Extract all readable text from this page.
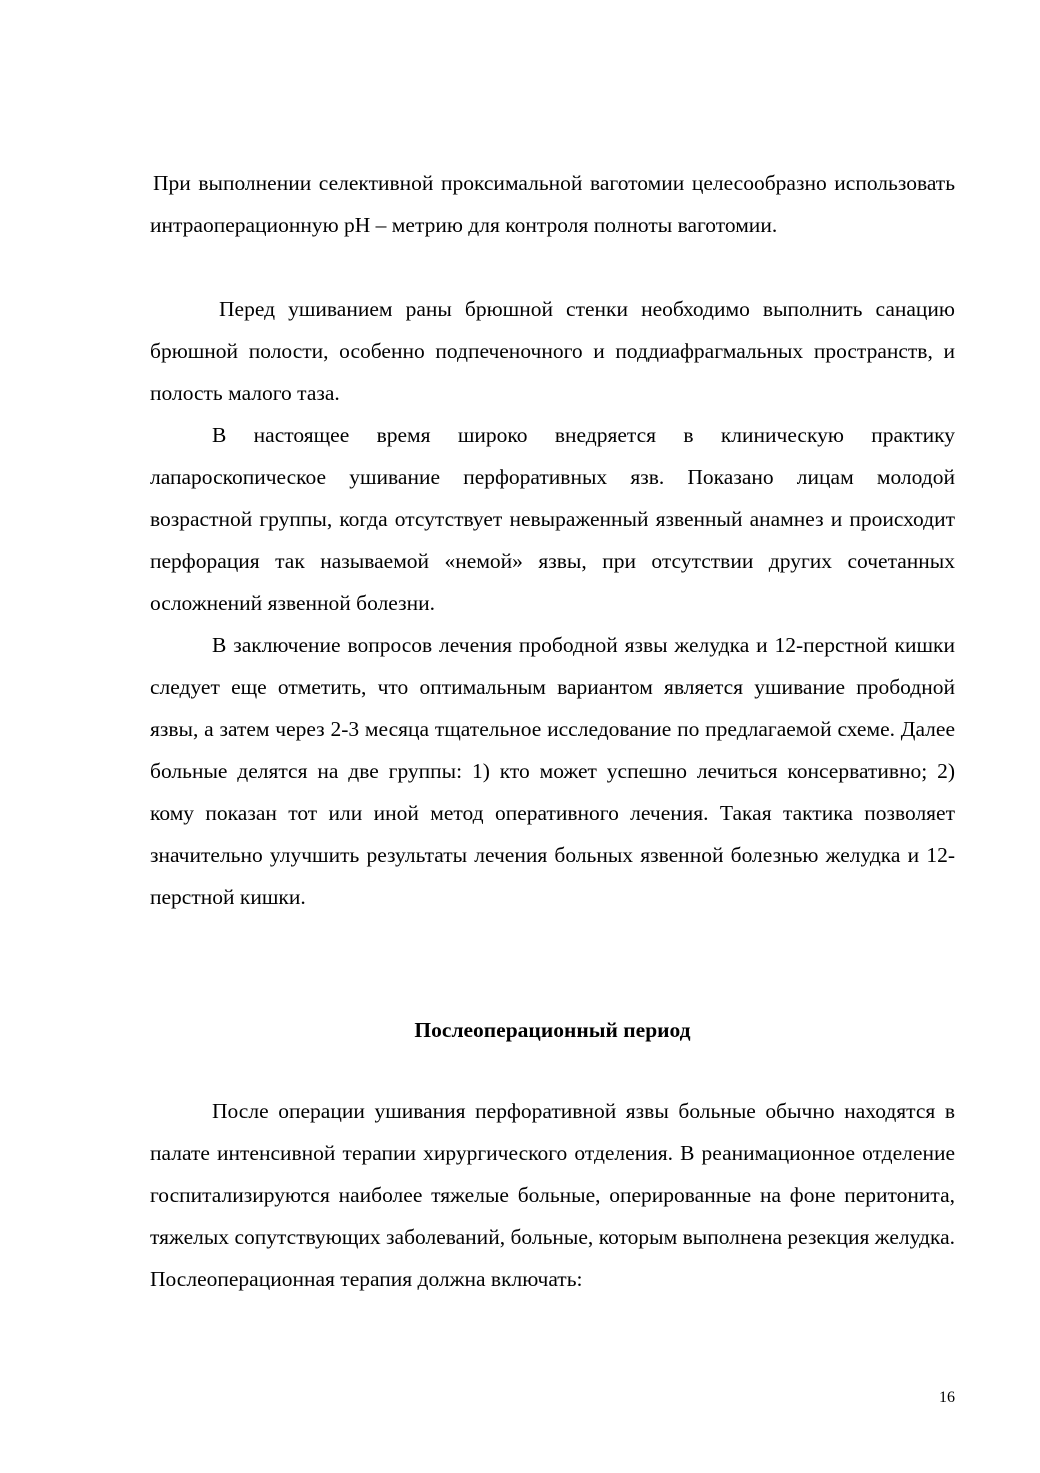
При выполнении селективной проксимальной ваготомии целесообразно использовать интраоперационную pH – метрию для контроля полноты ваготомии.

Перед ушиванием раны брюшной стенки необходимо выполнить санацию брюшной полости, особенно подпеченочного и поддиафрагмальных пространств, и полость малого таза.

В настоящее время широко внедряется в клиническую практику лапароскопическое ушивание перфоративных язв. Показано лицам молодой возрастной группы, когда отсутствует невыраженный язвенный анамнез и происходит перфорация так называемой «немой» язвы, при отсутствии других сочетанных осложнений язвенной болезни.

В заключение вопросов лечения прободной язвы желудка и 12-перстной кишки следует еще отметить, что оптимальным вариантом является ушивание прободной язвы, а затем через 2-3 месяца тщательное исследование по предлагаемой схеме. Далее больные делятся на две группы: 1) кто может успешно лечиться консервативно; 2) кому показан тот или иной метод оперативного лечения. Такая тактика позволяет значительно улучшить результаты лечения больных язвенной болезнью желудка и 12-перстной кишки.

Послеоперационный период

После операции ушивания перфоративной язвы больные обычно находятся в палате интенсивной терапии хирургического отделения. В реанимационное отделение госпитализируются наиболее тяжелые больные, оперированные на фоне перитонита, тяжелых сопутствующих заболеваний, больные, которым выполнена резекция желудка. Послеоперационная терапия должна включать:

16
